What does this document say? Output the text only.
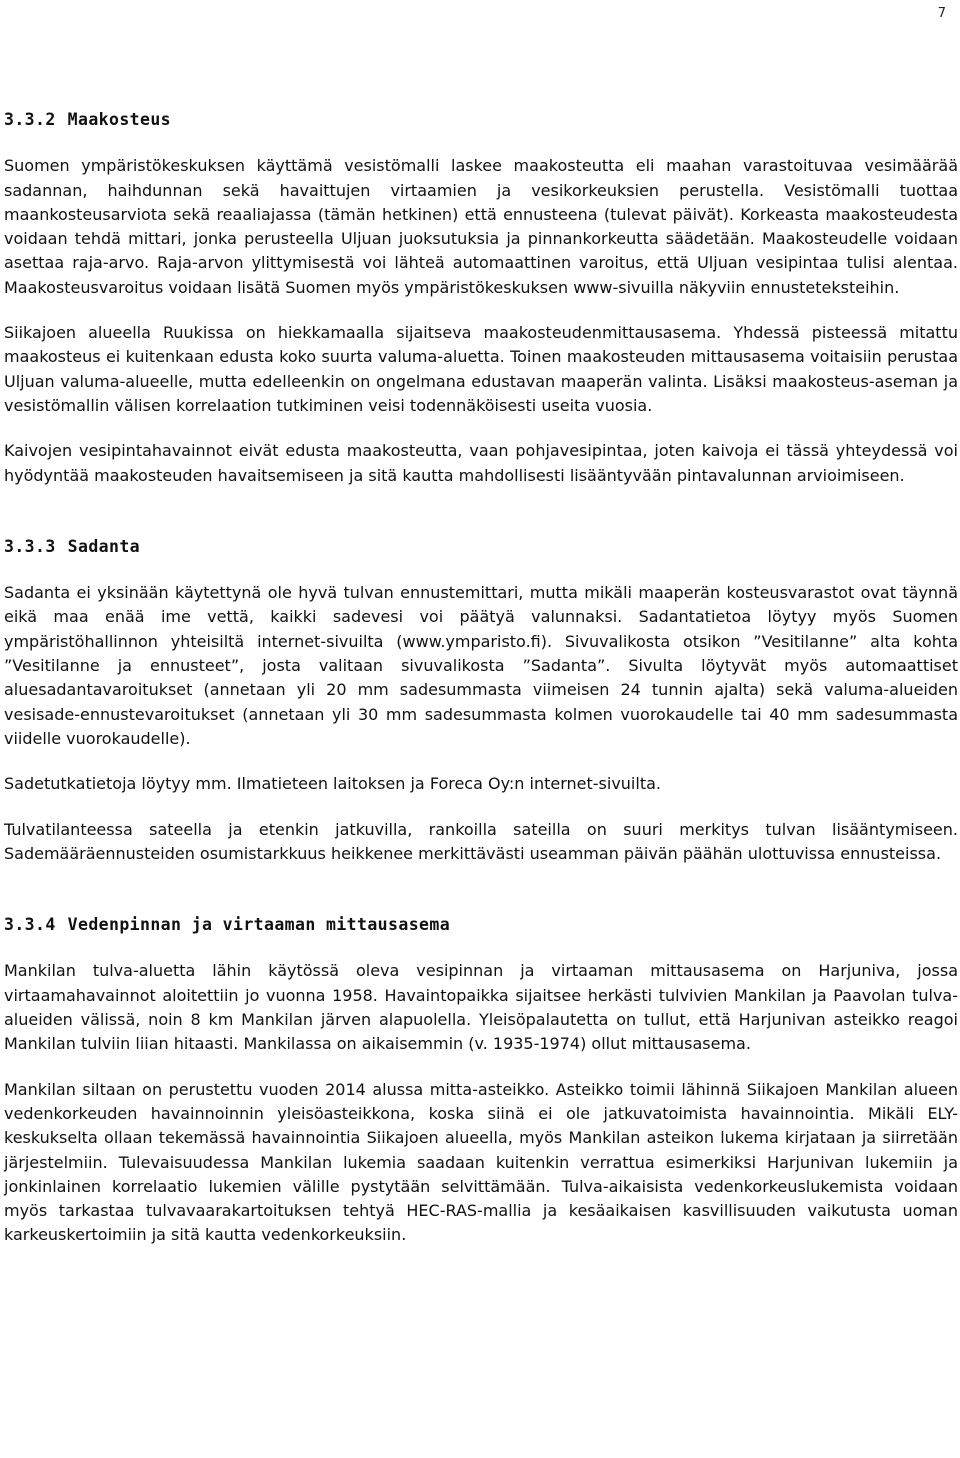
7
3.3.2 Maakosteus

Suomen ympäristökeskuksen käyttämä vesistömalli laskee maakosteutta eli maahan varastoituvaa vesimäärää sadannan, haihdunnan sekä havaittujen virtaamien ja vesikorkeuksien perustella. Vesistömalli tuottaa maankosteusarviota sekä reaaliajassa (tämän hetkinen) että ennusteena (tulevat päivät). Korkeasta maakosteudesta voidaan tehdä mittari, jonka perusteella Uljuan juoksutuksia ja pinnankorkeutta säädetään. Maakosteudelle voidaan asettaa raja-arvo. Raja-arvon ylittymisestä voi lähteä automaattinen varoitus, että Uljuan vesipintaa tulisi alentaa. Maakosteusvaroitus voidaan lisätä Suomen myös ympäristökeskuksen www-sivuilla näkyviin ennusteteksteihin.

Siikajoen alueella Ruukissa on hiekkamaalla sijaitseva maakosteudenmittausasema. Yhdessä pisteessä mitattu maakosteus ei kuitenkaan edusta koko suurta valuma-aluetta. Toinen maakosteuden mittausasema voitaisiin perustaa Uljuan valuma-alueelle, mutta edelleenkin on ongelmana edustavan maaperän valinta. Lisäksi maakosteus-aseman ja vesistömallin välisen korrelaation tutkiminen veisi todennäköisesti useita vuosia.

Kaivojen vesipintahavainnot eivät edusta maakosteutta, vaan pohjavesipintaa, joten kaivoja ei tässä yhteydessä voi hyödyntää maakosteuden havaitsemiseen ja sitä kautta mahdollisesti lisääntyvään pintavalunnan arvioimiseen.

3.3.3 Sadanta

Sadanta ei yksinään käytettynä ole hyvä tulvan ennustemittari, mutta mikäli maaperän kosteusvarastot ovat täynnä eikä maa enää ime vettä, kaikki sadevesi voi päätyä valunnaksi. Sadantatietoa löytyy myös Suomen ympäristöhallinnon yhteisiltä internet-sivuilta (www.ymparisto.fi). Sivuvalikosta otsikon ”Vesitilanne” alta kohta ”Vesitilanne ja ennusteet”, josta valitaan sivuvalikosta ”Sadanta”. Sivulta löytyvät myös automaattiset aluesadantavaroitukset (annetaan yli 20 mm sadesummasta viimeisen 24 tunnin ajalta) sekä valuma-alueiden vesisade-ennustevaroitukset (annetaan yli 30 mm sadesummasta kolmen vuorokaudelle tai 40 mm sadesummasta viidelle vuorokaudelle).

Sadetutkatietoja löytyy mm. Ilmatieteen laitoksen ja Foreca Oy:n internet-sivuilta.

Tulvatilanteessa sateella ja etenkin jatkuvilla, rankoilla sateilla on suuri merkitys tulvan lisääntymiseen. Sademääräennusteiden osumistarkkuus heikkenee merkittävästi useamman päivän päähän ulottuvissa ennusteissa.

3.3.4 Vedenpinnan ja virtaaman mittausasema

Mankilan tulva-aluetta lähin käytössä oleva vesipinnan ja virtaaman mittausasema on Harjuniva, jossa virtaamahavainnot aloitettiin jo vuonna 1958. Havaintopaikka sijaitsee herkästi tulvivien Mankilan ja Paavolan tulva-alueiden välissä, noin 8 km Mankilan järven alapuolella. Yleisöpalautetta on tullut, että Harjunivan asteikko reagoi Mankilan tulviin liian hitaasti. Mankilassa on aikaisemmin (v. 1935-1974) ollut mittausasema.

Mankilan siltaan on perustettu vuoden 2014 alussa mitta-asteikko. Asteikko toimii lähinnä Siikajoen Mankilan alueen vedenkorkeuden havainnoinnin yleisöasteikkona, koska siinä ei ole jatkuvatoimista havainnointia. Mikäli ELY-keskukselta ollaan tekemässä havainnointia Siikajoen alueella, myös Mankilan asteikon lukema kirjataan ja siirretään järjestelmiin. Tulevaisuudessa Mankilan lukemia saadaan kuitenkin verrattua esimerkiksi Harjunivan lukemiin ja jonkinlainen korrelaatio lukemien välille pystytään selvittämään. Tulva-aikaisista vedenkorkeuslukemista voidaan myös tarkastaa tulvavaarakartoituksen tehtyä HEC-RAS-mallia ja kesäaikaisen kasvillisuuden vaikutusta uoman karkeuskertoimiin ja sitä kautta vedenkorkeuksiin.
